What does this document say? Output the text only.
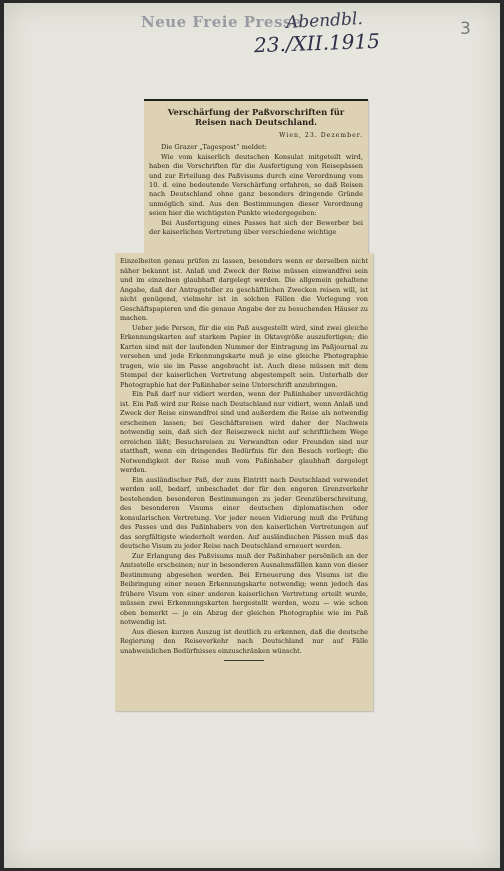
Neue Freie Presse
Abendbl.
23./XII.1915	3
Verschärfung der Paßvorschriften für Reisen nach Deutschland.
Wien, 23. Dezember.

Die Grazer „Tagespost“ meldet:

Wie vom kaiserlich deutschen Konsulat mitgeteilt wird, haben die Vorschriften für die Ausfertigung von Reisepässen und zur Erteilung des Paßvisums durch eine Verordnung vom 10. d. eine bedeutende Verschärfung erfahren, so daß Reisen nach Deutschland ohne ganz besonders dringende Gründe unmöglich sind. Aus den Bestimmungen dieser Verordnung seien hier die wichtigsten Punkte wiedergegeben:

Bei Ausfertigung eines Passes hat sich der Bewerber bei der kaiserlichen Vertretung über verschiedene wichtige

Einzelheiten genau prüfen zu lassen, besonders wenn er derselben nicht näher bekannt ist. Anlaß und Zweck der Reise müssen einwandfrei sein und im einzelnen glaubhaft dargelegt werden. Die allgemein gehaltene Angabe, daß der Antragsteller zu geschäftlichen Zwecken reisen will, ist nicht genügend, vielmehr ist in solchen Fällen die Vorlegung von Geschäftspapieren und die genaue Angabe der zu besuchenden Häuser zu machen.

Ueber jede Person, für die ein Paß ausgestellt wird, sind zwei gleiche Erkennungskarten auf starkem Papier in Oktavgröße auszufertigen; die Karten sind mit der laufenden Nummer der Eintragung im Paßjournal zu versehen und jede Erkennungskarte muß je eine gleiche Photographie tragen, wie sie im Passe angebracht ist. Auch diese müssen mit dem Stempel der kaiserlichen Vertretung abgestempelt sein. Unterhalb der Photographie hat der Paßinhaber seine Unterschrift anzubringen.

Ein Paß darf nur vidiert werden, wenn der Paßinhaber unverdächtig ist. Ein Paß wird zur Reise nach Deutschland nur vidiert, wenn Anlaß und Zweck der Reise einwandfrei sind und außerdem die Reise als notwendig erscheinen lassen; bei Geschäftsreisen wird daher der Nachweis notwendig sein, daß sich der Reisezweck nicht auf schriftlichem Wege erreichen läßt; Besuchsreisen zu Verwandten oder Freunden sind nur statthaft, wenn ein dringendes Bedürfnis für den Besuch vorliegt; die Notwendigkeit der Reise muß vom Paßinhaber glaubhaft dargelegt werden.

Ein ausländischer Paß, der zum Eintritt nach Deutschland verwendet werden soll, bedarf, unbeschadet der für den engeren Grenzverkehr bestehenden besonderen Bestimmungen zu jeder Grenzüberschreitung, des besonderen Visums einer deutschen diplomatischen oder konsularischen Vertretung. Vor jeder neuen Vidierung muß die Prüfung des Passes und des Paßinhabers von den kaiserlichen Vertretungen auf das sorgfältigste wiederholt werden. Auf ausländischen Pässen muß das deutsche Visum zu jeder Reise nach Deutschland erneuert werden.

Zur Erlangung des Paßvisums muß der Paßinhaber persönlich an der Amtsstelle erscheinen; nur in besonderen Ausnahmsfällen kann von dieser Bestimmung abgesehen werden. Bei Erneuerung des Visums ist die Beibringung einer neuen Erkennungskarte notwendig; wenn jedoch das frühere Visum von einer anderen kaiserlichen Vertretung erteilt wurde, müssen zwei Erkennungskarten hergestellt werden, wozu — wie schon oben bemerkt — je ein Abzug der gleichen Photographie wie im Paß notwendig ist.

Aus diesen kurzen Auszug ist deutlich zu erkennen, daß die deutsche Regierung den Reiseverkehr nach Deutschland nur auf Fälle unabweislichen Bedürfnisses einzuschränken wünscht.
